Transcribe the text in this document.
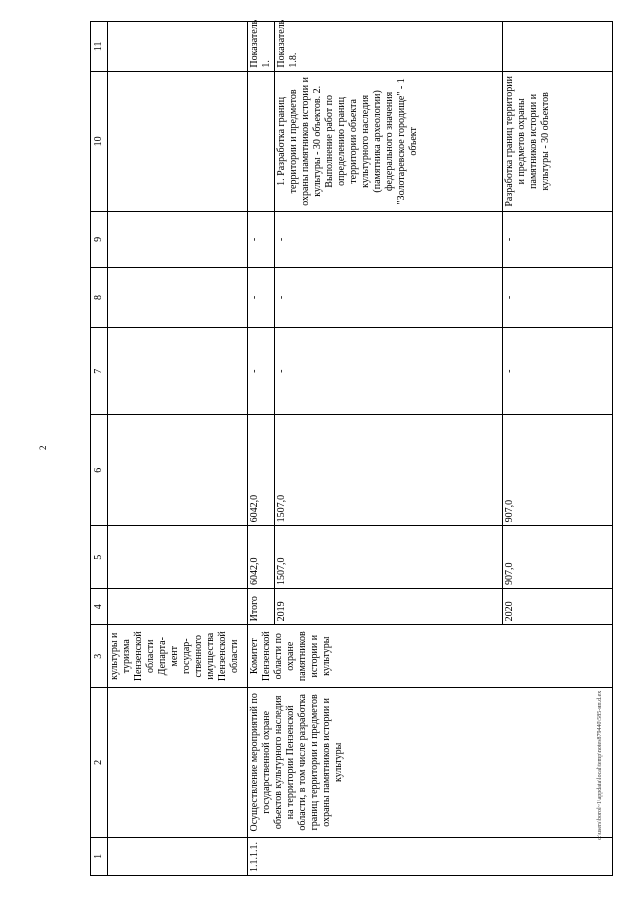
2
1	2	3	4	5	6	7	8	9	10	11
		культуры и туризма Пензенской области Департа-мент государ-ственного имущества Пензенской области								
1.1.1.1.	Осуществление мероприятий по государственной охране объектов культурного наследия на территории Пензенской области, в том числе разработка границ территории и предметов охраны памятников истории и культуры	Комитет Пензенской области по охране памятников истории и культуры	Итого	6042,0	6042,0	-	-	-		Показатель 1.
			2019	1507,0	1507,0	-	-	-	1. Разработка границ территории и предметов охраны памятников истории и культуры - 30 объектов. 2. Выполнение работ по определению границ территории объекта культурного наследия (памятника археологии) федерального значения "Золотаревское городище" - 1 объект	Показатель 1.8.
			2020	907,0	907,0	-	-	-	Разработка границ территории и предметов охраны памятников истории и культуры - 30 объектов	
c:\users\borol~1\appdata\local\temp\notes879440\585-ип.d.ex
